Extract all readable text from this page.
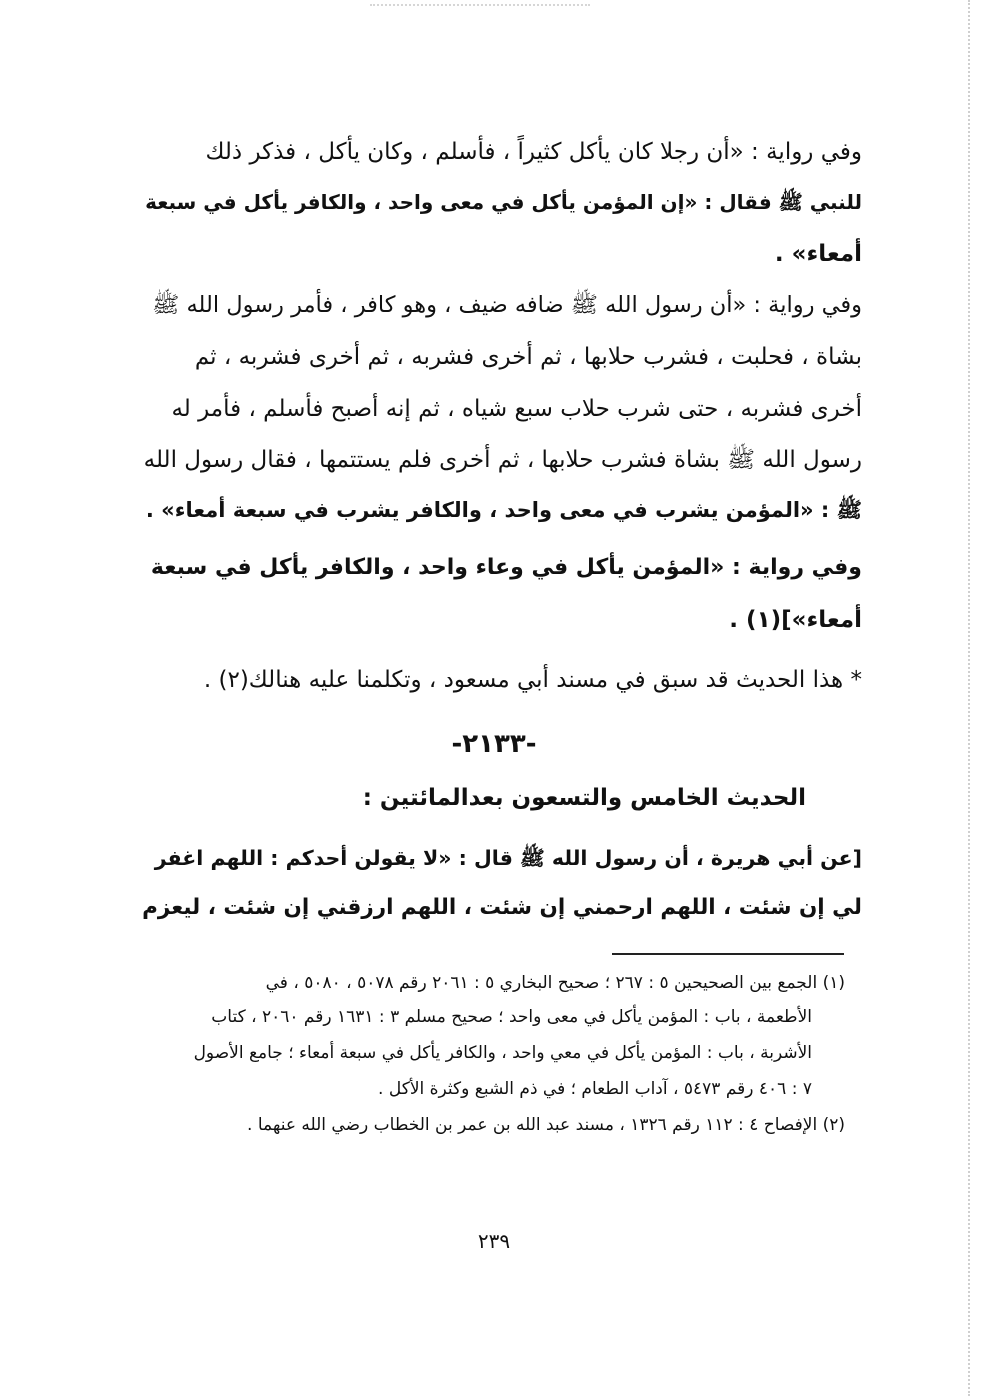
وفي رواية : «أن رجلا كان يأكل كثيراً ، فأسلم ، وكان يأكل ، فذكر ذلك
للنبي ﷺ فقال : «إن المؤمن يأكل في معى واحد ، والكافر يأكل في سبعة
أمعاء» .
وفي رواية : «أن رسول الله ﷺ ضافه ضيف ، وهو كافر ، فأمر رسول الله ﷺ
بشاة ، فحلبت ، فشرب حلابها ، ثم أخرى فشربه ، ثم أخرى فشربه ، ثم
أخرى فشربه ، حتى شرب حلاب سبع شياه ، ثم إنه أصبح فأسلم ، فأمر له
رسول الله ﷺ بشاة فشرب حلابها ، ثم أخرى فلم يستتمها ، فقال رسول الله
ﷺ : «المؤمن يشرب في معى واحد ، والكافر يشرب في سبعة أمعاء» .
وفي رواية : «المؤمن يأكل في وعاء واحد ، والكافر يأكل في سبعة
أمعاء»](١) .
* هذا الحديث قد سبق في مسند أبي مسعود ، وتكلمنا عليه هنالك(٢) .
-٢١٣٣-
الحديث الخامس والتسعون بعدالمائتين :
[عن أبي هريرة ، أن رسول الله ﷺ قال : «لا يقولن أحدكم : اللهم اغفر
لي إن شئت ، اللهم ارحمني إن شئت ، اللهم ارزقني إن شئت ، ليعزم
(١) الجمع بين الصحيحين ٥ : ٢٦٧ ؛ صحيح البخاري ٥ : ٢٠٦١ رقم ٥٠٧٨ ، ٥٠٨٠ ، في
الأطعمة ، باب : المؤمن يأكل في معى واحد ؛ صحيح مسلم ٣ : ١٦٣١ رقم ٢٠٦٠ ، كتاب
الأشربة ، باب : المؤمن يأكل في معي واحد ، والكافر يأكل في سبعة أمعاء ؛ جامع الأصول
٧ : ٤٠٦ رقم ٥٤٧٣ ، آداب الطعام ؛ في ذم الشبع وكثرة الأكل .
(٢) الإفصاح ٤ : ١١٢ رقم ١٣٢٦ ، مسند عبد الله بن عمر بن الخطاب رضي الله عنهما .
٢٣٩
